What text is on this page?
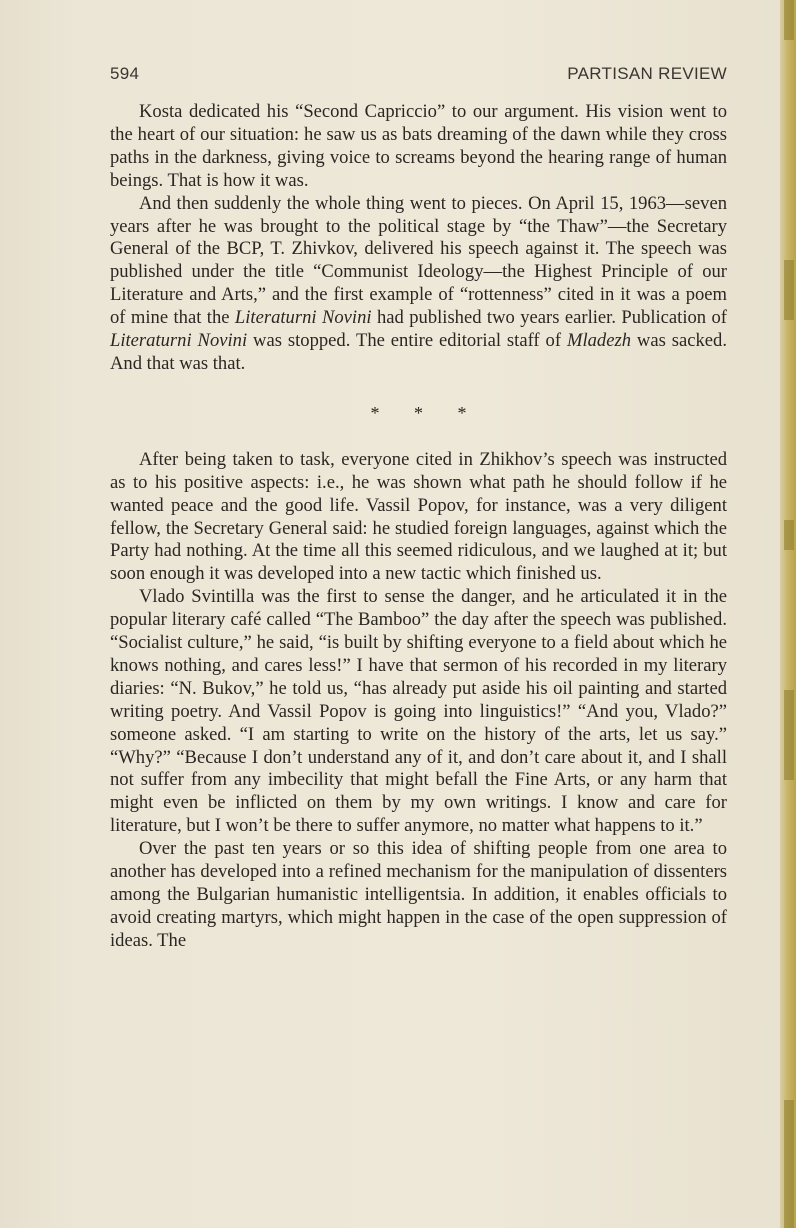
594	PARTISAN REVIEW

Kosta dedicated his “Second Capriccio” to our argument. His vision went to the heart of our situation: he saw us as bats dreaming of the dawn while they cross paths in the darkness, giving voice to screams beyond the hearing range of human beings. That is how it was.

And then suddenly the whole thing went to pieces. On April 15, 1963—seven years after he was brought to the political stage by “the Thaw”—the Secretary General of the BCP, T. Zhivkov, delivered his speech against it. The speech was published under the title “Communist Ideology—the Highest Principle of our Literature and Arts,” and the first example of “rottenness” cited in it was a poem of mine that the Literaturni Novini had published two years earlier. Publication of Literaturni Novini was stopped. The entire editorial staff of Mladezh was sacked. And that was that.

* * *

After being taken to task, everyone cited in Zhikhov’s speech was instructed as to his positive aspects: i.e., he was shown what path he should follow if he wanted peace and the good life. Vassil Popov, for instance, was a very diligent fellow, the Secretary General said: he studied foreign languages, against which the Party had nothing. At the time all this seemed ridiculous, and we laughed at it; but soon enough it was developed into a new tactic which finished us.

Vlado Svintilla was the first to sense the danger, and he articulated it in the popular literary café called “The Bamboo” the day after the speech was published. “Socialist culture,” he said, “is built by shifting everyone to a field about which he knows nothing, and cares less!” I have that sermon of his recorded in my literary diaries: “N. Bukov,” he told us, “has already put aside his oil painting and started writing poetry. And Vassil Popov is going into linguistics!” “And you, Vlado?” someone asked. “I am starting to write on the history of the arts, let us say.” “Why?” “Because I don’t understand any of it, and don’t care about it, and I shall not suffer from any imbecility that might befall the Fine Arts, or any harm that might even be inflicted on them by my own writings. I know and care for literature, but I won’t be there to suffer anymore, no matter what happens to it.”

Over the past ten years or so this idea of shifting people from one area to another has developed into a refined mechanism for the manipulation of dissenters among the Bulgarian humanistic intelligentsia. In addition, it enables officials to avoid creating martyrs, which might happen in the case of the open suppression of ideas. The
